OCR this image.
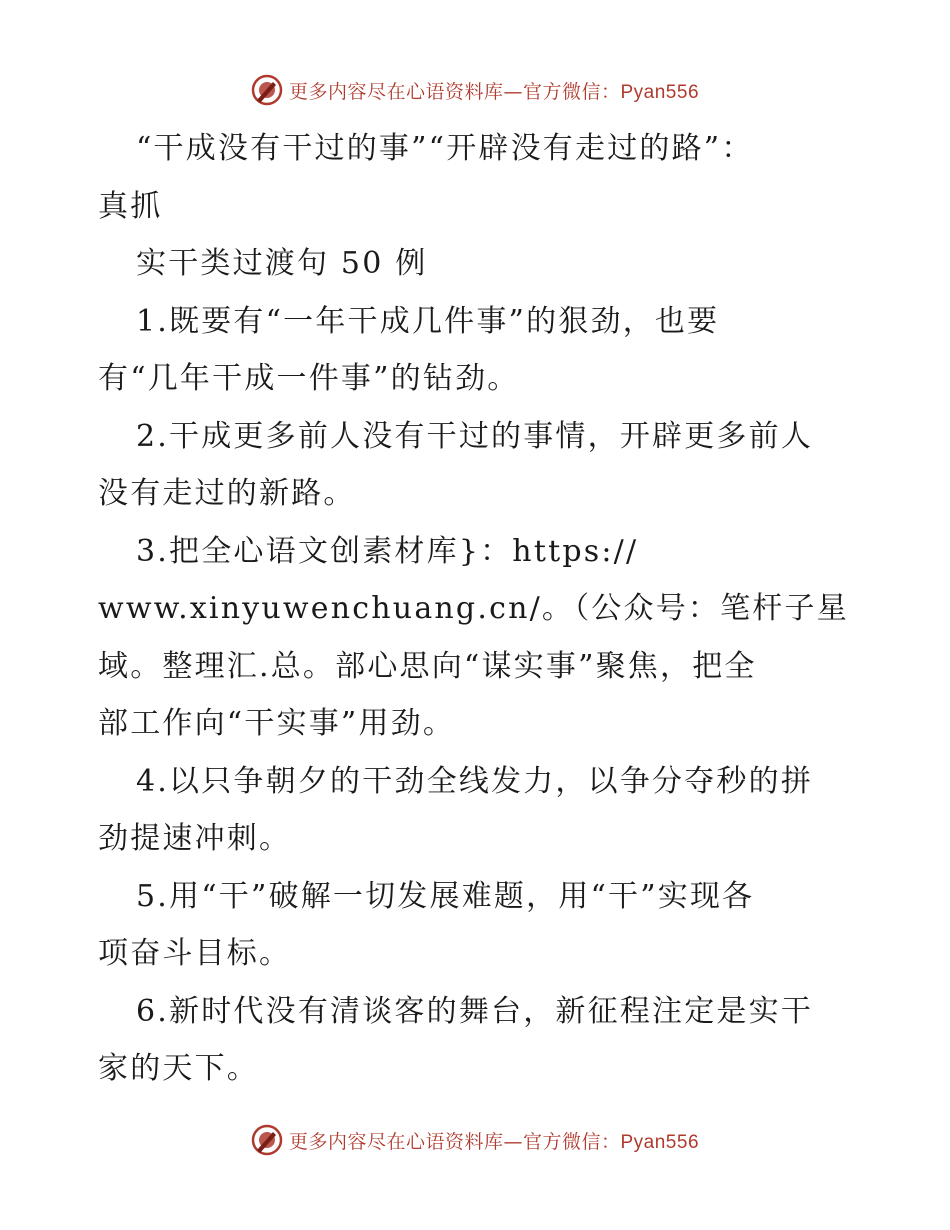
更多内容尽在心语资料库—官方微信：Pyan556
“干成没有干过的事”“开辟没有走过的路”：
真抓
实干类过渡句 50 例
1.既要有“一年干成几件事”的狠劲，也要
有“几年干成一件事”的钻劲。
2.干成更多前人没有干过的事情，开辟更多前人
没有走过的新路。
3.把全心语文创素材库}：https://
www.xinyuwenchuang.cn/。（公众号：笔杆子星
域。整理汇.总。部心思向“谋实事”聚焦，把全
部工作向“干实事”用劲。
4.以只争朝夕的干劲全线发力，以争分夺秒的拼
劲提速冲刺。
5.用“干”破解一切发展难题，用“干”实现各
项奋斗目标。
6.新时代没有清谈客的舞台，新征程注定是实干
家的天下。
更多内容尽在心语资料库—官方微信：Pyan556
